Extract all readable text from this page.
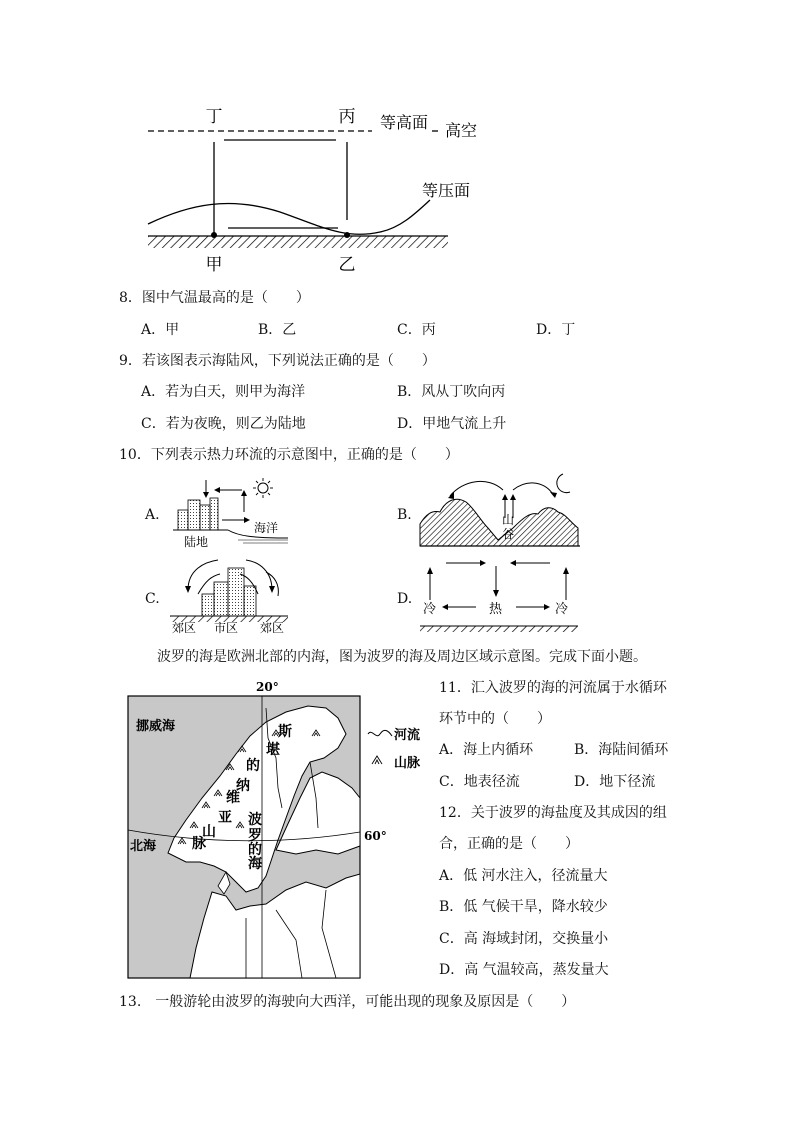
丁	丙
甲	乙
等高面 高空
等压面
8．图中气温最高的是（　　）
A．甲	B．乙	C．丙	D．丁
9．若该图表示海陆风，下列说法正确的是（　　）
A．若为白天，则甲为海洋	B．风从丁吹向丙
C．若为夜晚，则乙为陆地	D．甲地气流上升
10．下列表示热力环流的示意图中，正确的是（　　）
A.
陆地
海洋
B.	山
谷
C.
郊区 市区 郊区
D.
冷	热	冷
波罗的海是欧洲北部的内海，图为波罗的海及周边区域示意图。完成下面小题。
20°
60°
挪威海
北海
斯
堪
的
纳
维
亚
山
脉
波
罗
的
海
河流
山脉
11．汇入波罗的海的河流属于水循环
环节中的（　　）
A．海上内循环	B．海陆间循环
C．地表径流	D．地下径流
12．关于波罗的海盐度及其成因的组
合，正确的是（　　）
A．低 河水注入，径流量大
B．低 气候干旱，降水较少
C．高 海域封闭，交换量小
D．高 气温较高，蒸发量大
13.　一般游轮由波罗的海驶向大西洋，可能出现的现象及原因是（　　）
